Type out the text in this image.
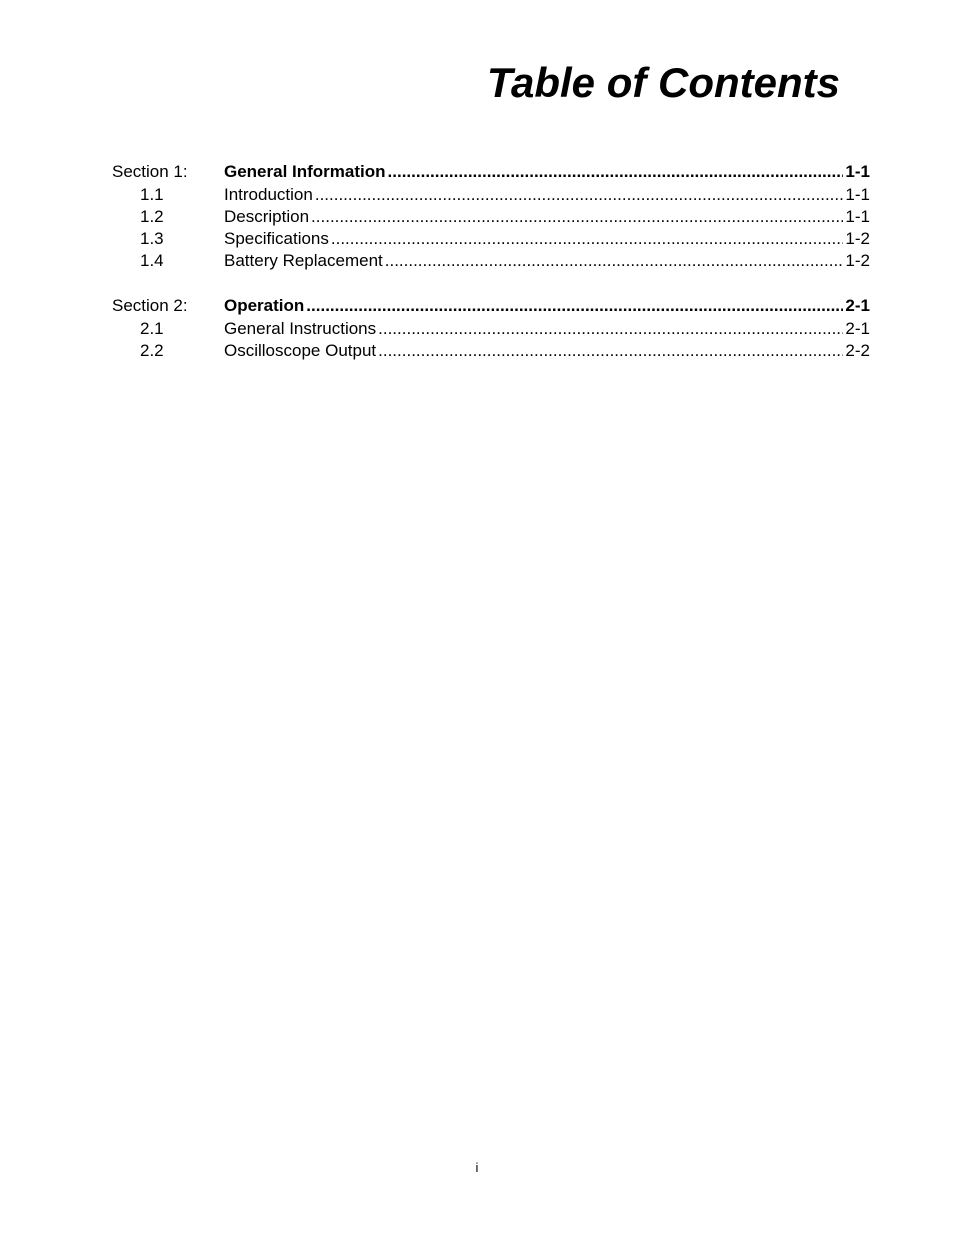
Table of Contents
Section 1:	General Information .....	1-1
1.1	Introduction .....	1-1
1.2	Description .....	1-1
1.3	Specifications .....	1-2
1.4	Battery Replacement .....	1-2
Section 2:	Operation .....	2-1
2.1	General Instructions .....	2-1
2.2	Oscilloscope Output .....	2-2
i
